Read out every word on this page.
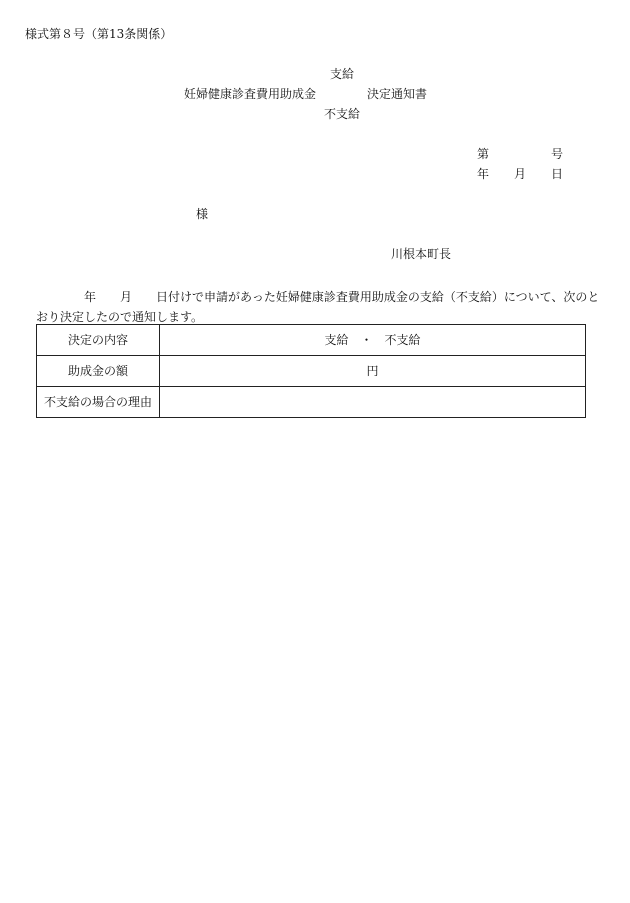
様式第８号（第13条関係）
支給
妊婦健康診査費用助成金	決定通知書
不支給
第	号
年 月 日
様
川根本町長
年 月 日付けで申請があった妊婦健康診査費用助成金の支給（不支給）について、次のとおり決定したので通知します。
決定の内容	支給　・　不支給
助成金の額	円
不支給の場合の理由	
